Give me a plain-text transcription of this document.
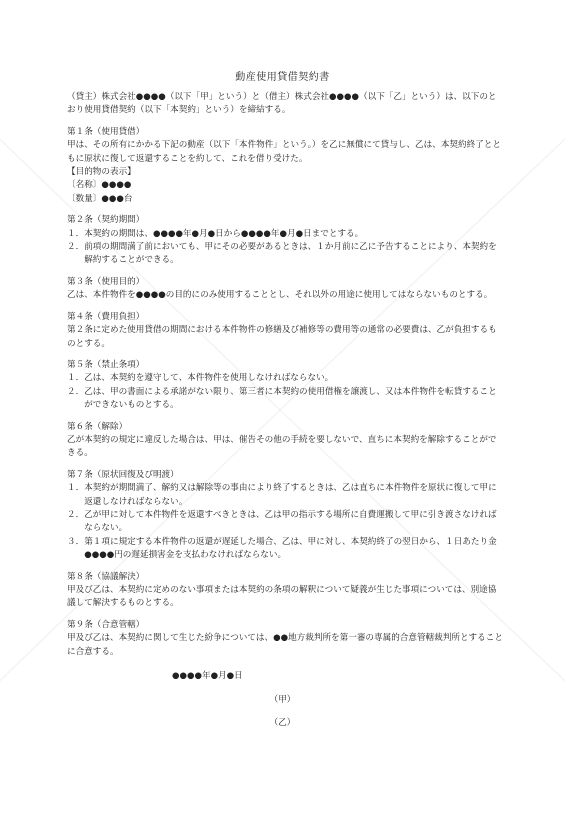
動産使用貸借契約書

（貸主）株式会社●●●●（以下「甲」という）と（借主）株式会社●●●●（以下「乙」という）は、以下のとおり使用貸借契約（以下「本契約」という）を締結する。

第１条（使用貸借）

甲は、その所有にかかる下記の動産（以下「本件物件」という。）を乙に無償にて貸与し、乙は、本契約終了とともに原状に復して返還することを約して、これを借り受けた。

【目的物の表示】

〔名称〕●●●●

〔数量〕●●●台

第２条（契約期間）

１． 本契約の期間は、●●●●年●月●日から●●●●年●月●日までとする。
２． 前項の期間満了前においても、甲にその必要があるときは、１か月前に乙に予告することにより、本契約を解約することができる。

第３条（使用目的）

乙は、本件物件を●●●●の目的にのみ使用することとし、それ以外の用途に使用してはならないものとする。

第４条（費用負担）

第２条に定めた使用貸借の期間における本件物件の修繕及び補修等の費用等の通常の必要費は、乙が負担するものとする。

第５条（禁止条項）

１． 乙は、本契約を遵守して、本件物件を使用しなければならない。
２． 乙は、甲の書面による承諾がない限り、第三者に本契約の使用借権を譲渡し、又は本件物件を転貸することができないものとする。

第６条（解除）

乙が本契約の規定に違反した場合は、甲は、催告その他の手続を要しないで、直ちに本契約を解除することができる。

第７条（原状回復及び明渡）

１． 本契約が期間満了、解約又は解除等の事由により終了するときは、乙は直ちに本件物件を原状に復して甲に返還しなければならない。
２． 乙が甲に対して本件物件を返還すべきときは、乙は甲の指示する場所に自費運搬して甲に引き渡さなければならない。
３． 第１項に規定する本件物件の返還が遅延した場合、乙は、甲に対し、本契約終了の翌日から、１日あたり金●●●●円の遅延損害金を支払わなければならない。

第８条（協議解決）

甲及び乙は、本契約に定めのない事項または本契約の条項の解釈について疑義が生じた事項については、別途協議して解決するものとする。

第９条（合意管轄）

甲及び乙は、本契約に関して生じた紛争については、●●地方裁判所を第一審の専属的合意管轄裁判所とすることに合意する。

●●●●年●月●日
（甲）
（乙）
